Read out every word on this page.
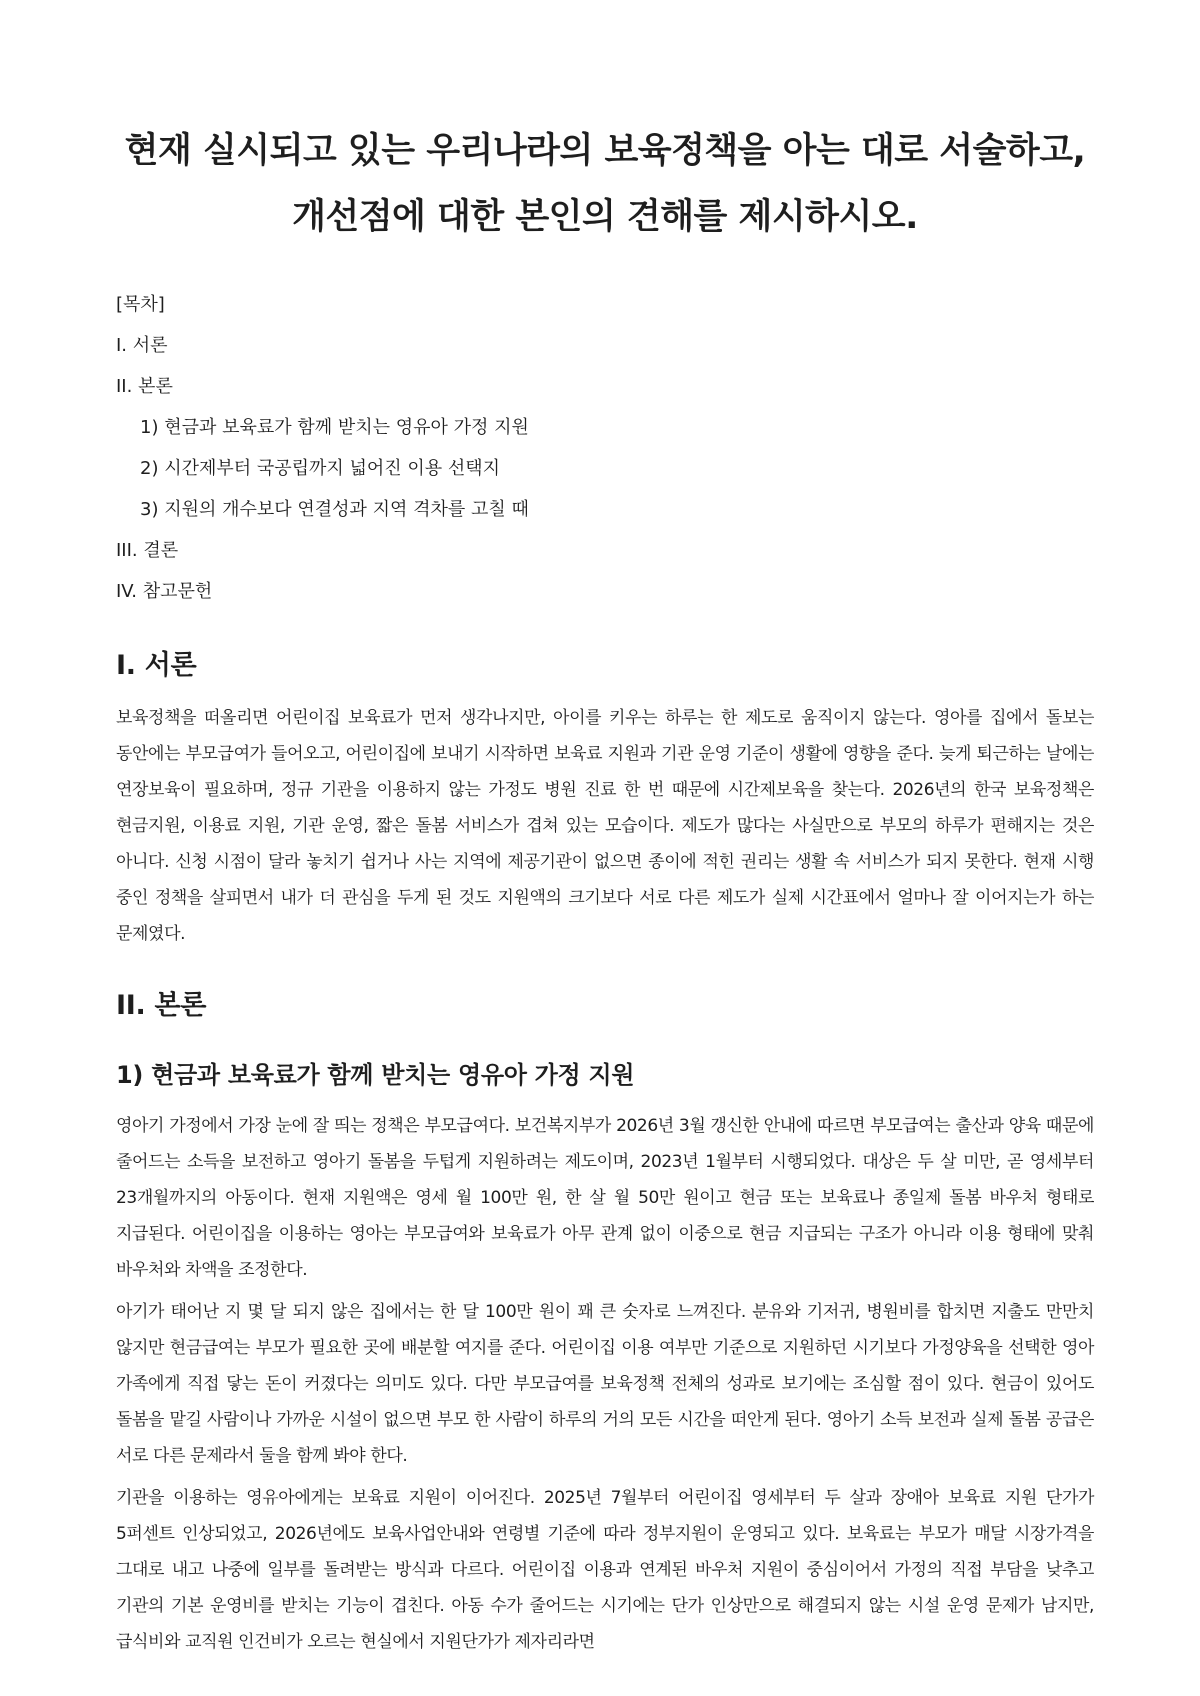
현재 실시되고 있는 우리나라의 보육정책을 아는 대로 서술하고, 개선점에 대한 본인의 견해를 제시하시오.
[목차]
I. 서론
II. 본론
1) 현금과 보육료가 함께 받치는 영유아 가정 지원
2) 시간제부터 국공립까지 넓어진 이용 선택지
3) 지원의 개수보다 연결성과 지역 격차를 고칠 때
III. 결론
IV. 참고문헌
I. 서론

보육정책을 떠올리면 어린이집 보육료가 먼저 생각나지만, 아이를 키우는 하루는 한 제도로 움직이지 않는다. 영아를 집에서 돌보는 동안에는 부모급여가 들어오고, 어린이집에 보내기 시작하면 보육료 지원과 기관 운영 기준이 생활에 영향을 준다. 늦게 퇴근하는 날에는 연장보육이 필요하며, 정규 기관을 이용하지 않는 가정도 병원 진료 한 번 때문에 시간제보육을 찾는다. 2026년의 한국 보육정책은 현금지원, 이용료 지원, 기관 운영, 짧은 돌봄 서비스가 겹쳐 있는 모습이다. 제도가 많다는 사실만으로 부모의 하루가 편해지는 것은 아니다. 신청 시점이 달라 놓치기 쉽거나 사는 지역에 제공기관이 없으면 종이에 적힌 권리는 생활 속 서비스가 되지 못한다. 현재 시행 중인 정책을 살피면서 내가 더 관심을 두게 된 것도 지원액의 크기보다 서로 다른 제도가 실제 시간표에서 얼마나 잘 이어지는가 하는 문제였다.

II. 본론
1) 현금과 보육료가 함께 받치는 영유아 가정 지원

영아기 가정에서 가장 눈에 잘 띄는 정책은 부모급여다. 보건복지부가 2026년 3월 갱신한 안내에 따르면 부모급여는 출산과 양육 때문에 줄어드는 소득을 보전하고 영아기 돌봄을 두텁게 지원하려는 제도이며, 2023년 1월부터 시행되었다. 대상은 두 살 미만, 곧 영세부터 23개월까지의 아동이다. 현재 지원액은 영세 월 100만 원, 한 살 월 50만 원이고 현금 또는 보육료나 종일제 돌봄 바우처 형태로 지급된다. 어린이집을 이용하는 영아는 부모급여와 보육료가 아무 관계 없이 이중으로 현금 지급되는 구조가 아니라 이용 형태에 맞춰 바우처와 차액을 조정한다.

아기가 태어난 지 몇 달 되지 않은 집에서는 한 달 100만 원이 꽤 큰 숫자로 느껴진다. 분유와 기저귀, 병원비를 합치면 지출도 만만치 않지만 현금급여는 부모가 필요한 곳에 배분할 여지를 준다. 어린이집 이용 여부만 기준으로 지원하던 시기보다 가정양육을 선택한 영아 가족에게 직접 닿는 돈이 커졌다는 의미도 있다. 다만 부모급여를 보육정책 전체의 성과로 보기에는 조심할 점이 있다. 현금이 있어도 돌봄을 맡길 사람이나 가까운 시설이 없으면 부모 한 사람이 하루의 거의 모든 시간을 떠안게 된다. 영아기 소득 보전과 실제 돌봄 공급은 서로 다른 문제라서 둘을 함께 봐야 한다.

기관을 이용하는 영유아에게는 보육료 지원이 이어진다. 2025년 7월부터 어린이집 영세부터 두 살과 장애아 보육료 지원 단가가 5퍼센트 인상되었고, 2026년에도 보육사업안내와 연령별 기준에 따라 정부지원이 운영되고 있다. 보육료는 부모가 매달 시장가격을 그대로 내고 나중에 일부를 돌려받는 방식과 다르다. 어린이집 이용과 연계된 바우처 지원이 중심이어서 가정의 직접 부담을 낮추고 기관의 기본 운영비를 받치는 기능이 겹친다. 아동 수가 줄어드는 시기에는 단가 인상만으로 해결되지 않는 시설 운영 문제가 남지만, 급식비와 교직원 인건비가 오르는 현실에서 지원단가가 제자리라면
